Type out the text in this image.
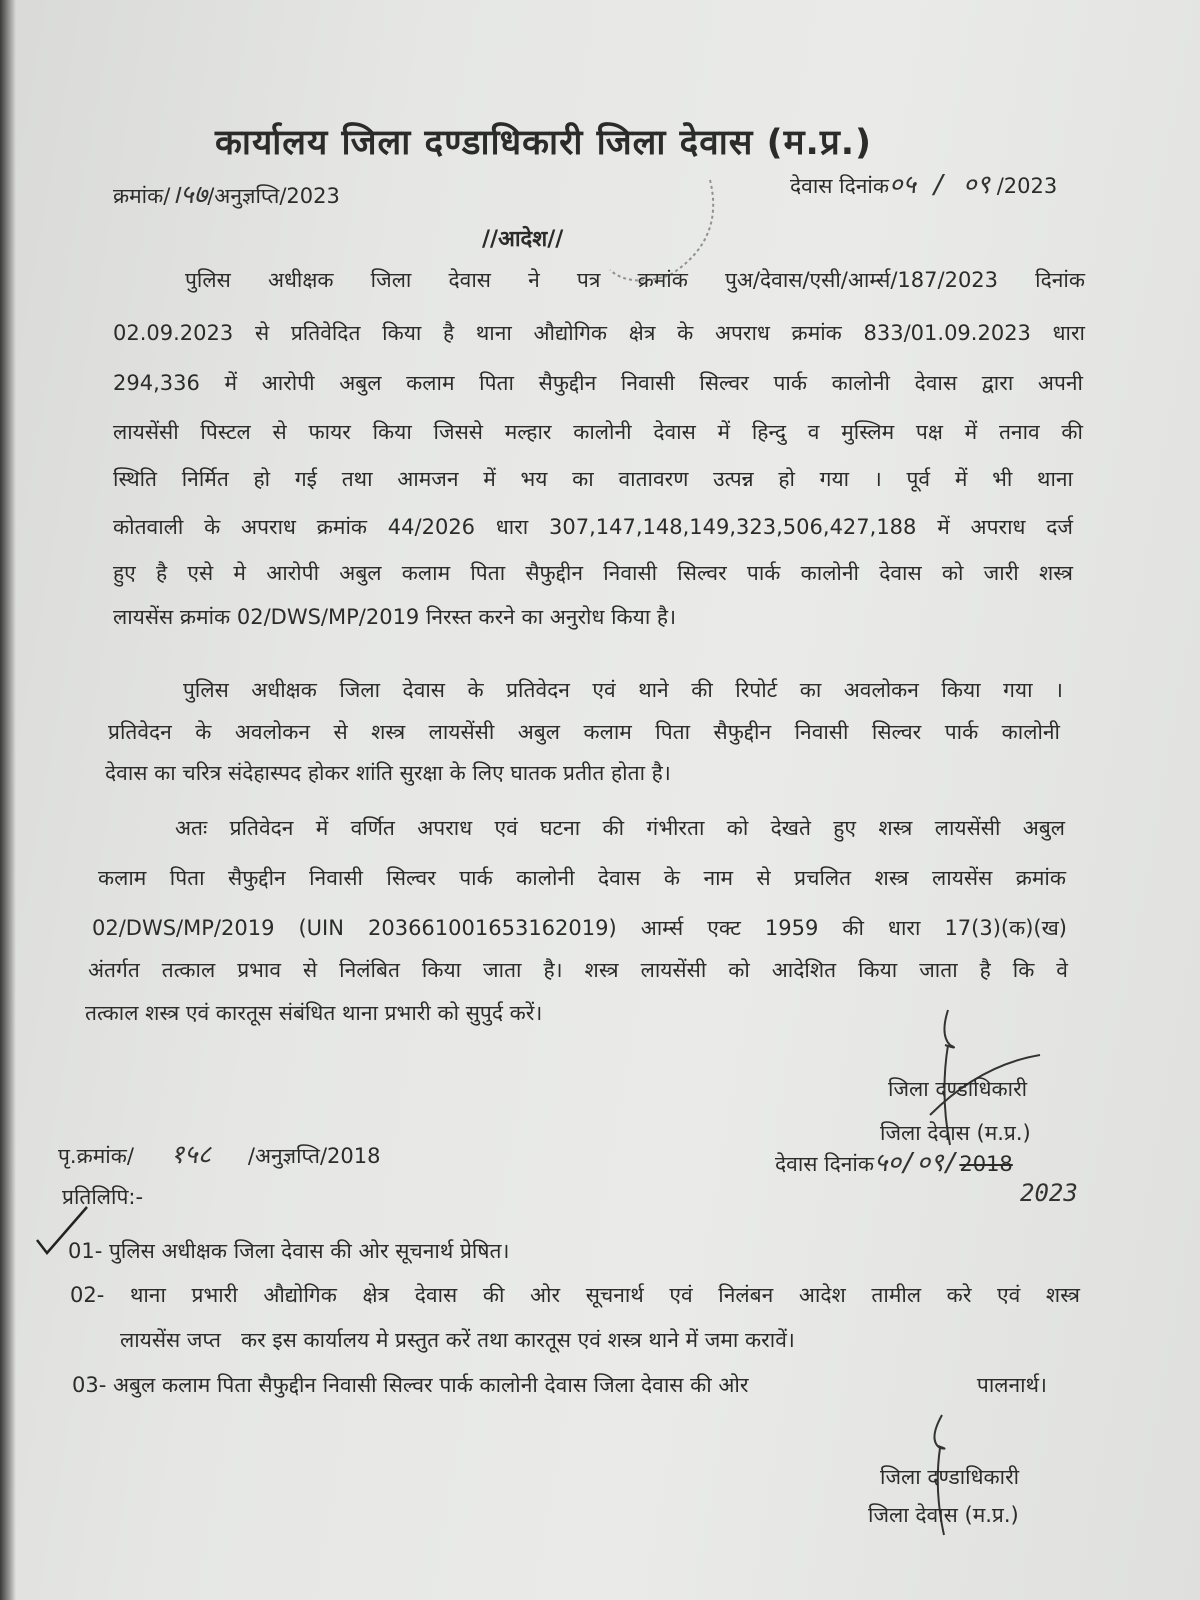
कार्यालय जिला दण्डाधिकारी जिला देवास (म.प्र.)
क्रमांक/।५७/अनुज्ञप्ति/2023	देवास दिनांक०५ / ०९ /2023
//आदेश//
पुलिस अधीक्षक जिला देवास ने पत्र क्रमांक पुअ/देवास/एसी/आर्म्स/187/2023 दिनांक
02.09.2023 से प्रतिवेदित किया है थाना औद्योगिक क्षेत्र के अपराध क्रमांक 833/01.09.2023 धारा
294,336 में आरोपी अबुल कलाम पिता सैफुद्दीन निवासी सिल्वर पार्क कालोनी देवास द्वारा अपनी
लायसेंसी पिस्टल से फायर किया जिससे मल्हार कालोनी देवास में हिन्दु व मुस्लिम पक्ष में तनाव की
स्थिति निर्मित हो गई तथा आमजन में भय का वातावरण उत्पन्न हो गया । पूर्व में भी थाना
कोतवाली के अपराध क्रमांक 44/2026 धारा 307,147,148,149,323,506,427,188 में अपराध दर्ज
हुए है एसे मे आरोपी अबुल कलाम पिता सैफुद्दीन निवासी सिल्वर पार्क कालोनी देवास को जारी शस्त्र
लायसेंस क्रमांक 02/DWS/MP/2019 निरस्त करने का अनुरोध किया है।
पुलिस अधीक्षक जिला देवास के प्रतिवेदन एवं थाने की रिपोर्ट का अवलोकन किया गया ।
प्रतिवेदन के अवलोकन से शस्त्र लायसेंसी अबुल कलाम पिता सैफुद्दीन निवासी सिल्वर पार्क कालोनी
देवास का चरित्र संदेहास्पद होकर शांति सुरक्षा के लिए घातक प्रतीत होता है।
अतः प्रतिवेदन में वर्णित अपराध एवं घटना की गंभीरता को देखते हुए शस्त्र लायसेंसी अबुल
कलाम पिता सैफुद्दीन निवासी सिल्वर पार्क कालोनी देवास के नाम से प्रचलित शस्त्र लायसेंस क्रमांक
02/DWS/MP/2019 (UIN 203661001653162019) आर्म्स एक्ट 1959 की धारा 17(3)(क)(ख)
अंतर्गत तत्काल प्रभाव से निलंबित किया जाता है। शस्त्र लायसेंसी को आदेशित किया जाता है कि वे
तत्काल शस्त्र एवं कारतूस संबंधित थाना प्रभारी को सुपुर्द करें।
जिला दण्डाधिकारी
जिला देवास (म.प्र.)
पृ.क्रमांक/ १५८ /अनुज्ञप्ति/2018	देवास दिनांक५०/०९/2018
2023
प्रतिलिपि:-
01- पुलिस अधीक्षक जिला देवास की ओर सूचनार्थ प्रेषित।
02- थाना प्रभारी औद्योगिक क्षेत्र देवास की ओर सूचनार्थ एवं निलंबन आदेश तामील करे एवं शस्त्र
लायसेंस जप्त   कर इस कार्यालय मे प्रस्तुत करें तथा कारतूस एवं शस्त्र थाने में जमा करावें।
03- अबुल कलाम पिता सैफुद्दीन निवासी सिल्वर पार्क कालोनी देवास जिला देवास की ओर	पालनार्थ।
जिला दण्डाधिकारी
जिला देवास (म.प्र.)
